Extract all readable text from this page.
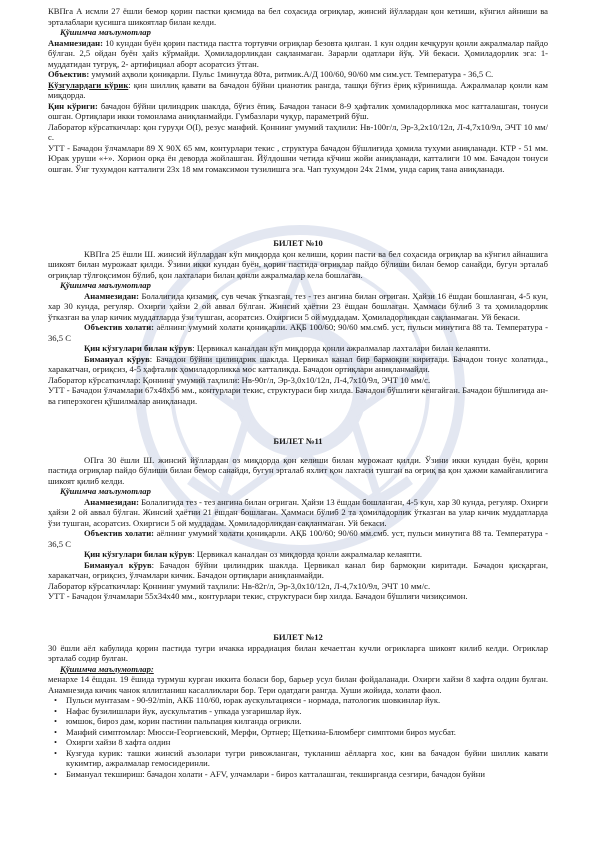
КВПга А исмли 27 ёшли бемор қорин пастки қисмида ва бел соҳасида оғриқлар, жинсий йўллардан қон кетиши, кўнгил айниши ва эрталаблари қусишга шикоятлар билан келди.

Қўшимча маълумотлар

Анамнезидан: 10 кундан буён қорин пастида пастга тортувчи оғриқлар безовта қилган. 1 кун олдин кечқурун қонли ажралмалар пайдо бўлган. 2,5 ойдан буён ҳайз кўрмайди. Ҳомиладорликдан сақланмаган. Зарарли одатлари йўқ. Уй бекаси. Ҳомиладорлик эга: 1- муддатидан туғруқ, 2- артифициал аборт асоратсиз ўтган.

Объектив: умумий аҳволи қониқарли. Пульс 1минутда 80та, ритмик.А/Д 100/60, 90/60 мм сим.уст. Температура - 36,5 С.

Кўзгулардаги кўрик: қин шиллиқ қавати ва бачадон бўйни цианотик рангда, ташқи бўғиз ёриқ кўринишда. Ажралмалар қонли кам миқдорда.

Қин кўриги: бачадон бўйни цилиндрик шаклда, бўғиз ёпиқ. Бачадон танаси 8-9 ҳафталик ҳомиладорликка мос катталашган, тонуси ошган. Ортиқлари икки томонлама аниқланмайди. Гумбазлари чуқур, параметрий бўш.

Лаборатор кўрсаткичлар: қон гуруҳи О(I), резус манфий. Қоннинг умумий таҳлили: Нв-100г/л, Эр-3,2х10/12л, Л-4,7х10/9л, ЭЧТ 10 мм/с.

УТТ - Бачадон ўлчамлари 89 Х 90Х 65 мм, контурлари текис , структура бачадон бўшлиғида ҳомила тухуми аниқланади. КТР - 51 мм. Юрак уруши «+». Хорион орқа ён деворда жойлашган. Йўлдошни четида кўчиш жойи аниқланади, катталиги 10 мм. Бачадон тонуси ошган. Ўнг тухумдон катталиги 23х 18 мм гомаксимон тузилишга эга. Чап тухумдон 24х 21мм, унда сариқ тана аниқланади.

БИЛЕТ №10

КВПга 25 ёшли Ш. жинсий йўллардан кўп миқдорда қон келиши, қорин пасти ва бел соҳасида оғриқлар ва кўнгил айнашига шикоят билан мурожаат қилди. Ўзини икки кундан буён, қорин пастида оғриқлар пайдо бўлиши билан бемор санайди, бугун эрталаб оғриқлар тўлғоқсимон бўлиб, қон лахталари билан қонли ажралмалар кела бошлаган.

Қўшимча маълумотлар

Анамнезидан: Болалигида қизамиқ, сув чечак ўтказган, тез - тез ангина билан оғриган. Ҳайзи 16 ёшдан бошланган, 4-5 кун, хар 30 кунда, регуляр. Охирги ҳайзи 2 ой аввал бўлган. Жинсий ҳаётни 23 ёшдан бошлаган. Ҳаммаси бўлиб 3 та ҳомиладорлик ўтказган ва улар кичик муддатларда ўзи тушган, асоратсиз. Охиргиси 5 ой муддадам. Ҳомиладорликдан сақланмаган. Уй бекаси.

Объектив холати: аёлнинг умумий холати қониқарли. АҚБ 100/60; 90/60 мм.смб. уст, пульси минутига 88 та. Температура - 36,5 С

Қин кўзгулари билан кўрув: Цервикал каналдан кўп миқдорда қонли ажралмалар лахталари билан келаяпти.

Бимануал кўрув: Бачадон бўйни цилиндрик шаклда. Цервикал канал бир бармоқни киритади. Бачадон тонус холатида., харакатчан, оғриқсиз, 4-5 ҳафталик ҳомиладорликка мос катталикда. Бачадон ортиқлари аниқланмайди.

Лаборатор кўрсаткичлар: Қоннинг умумий таҳлили: Нв-90г/л, Эр-3,0х10/12л, Л-4,7х10/9л, ЭЧТ 10 мм/с.

УТТ - Бачадон ўлчамлари 67х48х56 мм., контурлари текис, структураси бир хилда. Бачадон бўшлиғи кенгайган. Бачадон бўшлиғида ан- ва гиперэхоген қўшилмалар аниқланади.

БИЛЕТ №11

ОПга 30 ёшли Ш. жинсий йўллардан оз миқдорда қон келиши билан мурожаат қилди. Ўзини икки кундан буён, қорин пастида оғриқлар пайдо бўлиши билан бемор санайди, бугун эрталаб яхлит қон лахтаси тушган ва оғриқ ва қон ҳажми камайганлигига шикоят қилиб келди.

Қўшимча маълумотлар

Анамнезидан: Болалигида тез - тез ангина билан оғриган. Ҳайзи 13 ёшдан бошланган, 4-5 кун, хар 30 кунда, регуляр. Охирги ҳайзи 2 ой аввал бўлган. Жинсий ҳаётни 21 ёшдан бошлаган. Ҳаммаси бўлиб 2 та ҳомиладорлик ўтказган ва улар кичик муддатларда ўзи тушган, асоратсиз. Охиргиси 5 ой муддадам. Ҳомиладорликдан сақланмаган. Уй бекаси.

Объектив холати: аёлнинг умумий холати қониқарли. АҚБ 100/60; 90/60 мм.смб. уст, пульси минутига 88 та. Температура - 36,5 С

Қин кўзгулари билан кўрув: Цервикал каналдан оз миқдорда қонли ажралмалар келаяпти.

Бимануал кўрув: Бачадон бўйни цилиндрик шаклда. Цервикал канал бир бармоқни киритади. Бачадон қисқарган, харакатчан, оғриқсиз, ўлчамлари кичик. Бачадон ортиқлари аниқланмайди.

Лаборатор кўрсаткичлар: Қоннинг умумий таҳлили: Нв-82г/л, Эр-3,0х10/12л, Л-4,7х10/9л, ЭЧТ 10 мм/с.

УТТ - Бачадон ўлчамлари 55х34х40 мм., контурлари текис, структураси бир хилда. Бачадон бўшлиғи чизиқсимон.

БИЛЕТ №12

30 ёшли аёл кабулида қорин пастида тугри ичакка иррадиация билан кечаетган кучли огрикларга шикоят килиб келди. Огриклар эрталаб содир булган.

Қўшимча маълумотлар:

менархе 14 ёшдан. 19 ёшида турмуш курган иккита боласи бор, барьер усул билан фойдаланади. Охирги хайзи 8 хафта олдин булган. Анамнезида кичик чанок яллигланиш касалликлари бор. Тери одатдаги рангда. Хуши жойида, холати фаол.

• Пульси мунтазам - 90-92/min, АКБ 110/60, юрак аускультацияси - нормада, патологик шовкинлар йук.
• Нафас бузилишлари йук, аускультатив - упкада узгаришлар йук.
• юмшок, бироз дам, корин пастини пальпация килганда огрикли.
• Манфий симптомлар: Мюсси-Георгиевский, Мерфи, Ортнер; Щеткина-Блюмберг симптоми бироз мусбат.
• Охирги хайзи 8 хафта олдин
• Кузгуда курик: ташки жинсий аъзолари тугри ривожланган, тукланиш аёлларга хос, кин ва бачадон буйни шиллик кавати кукимтир, ажралмалар гемосидеринли.
• Бимануал текшириш: бачадон холати - AFV, улчамлари - бироз катталашган, текширганда сезгири, бачадон буйни
